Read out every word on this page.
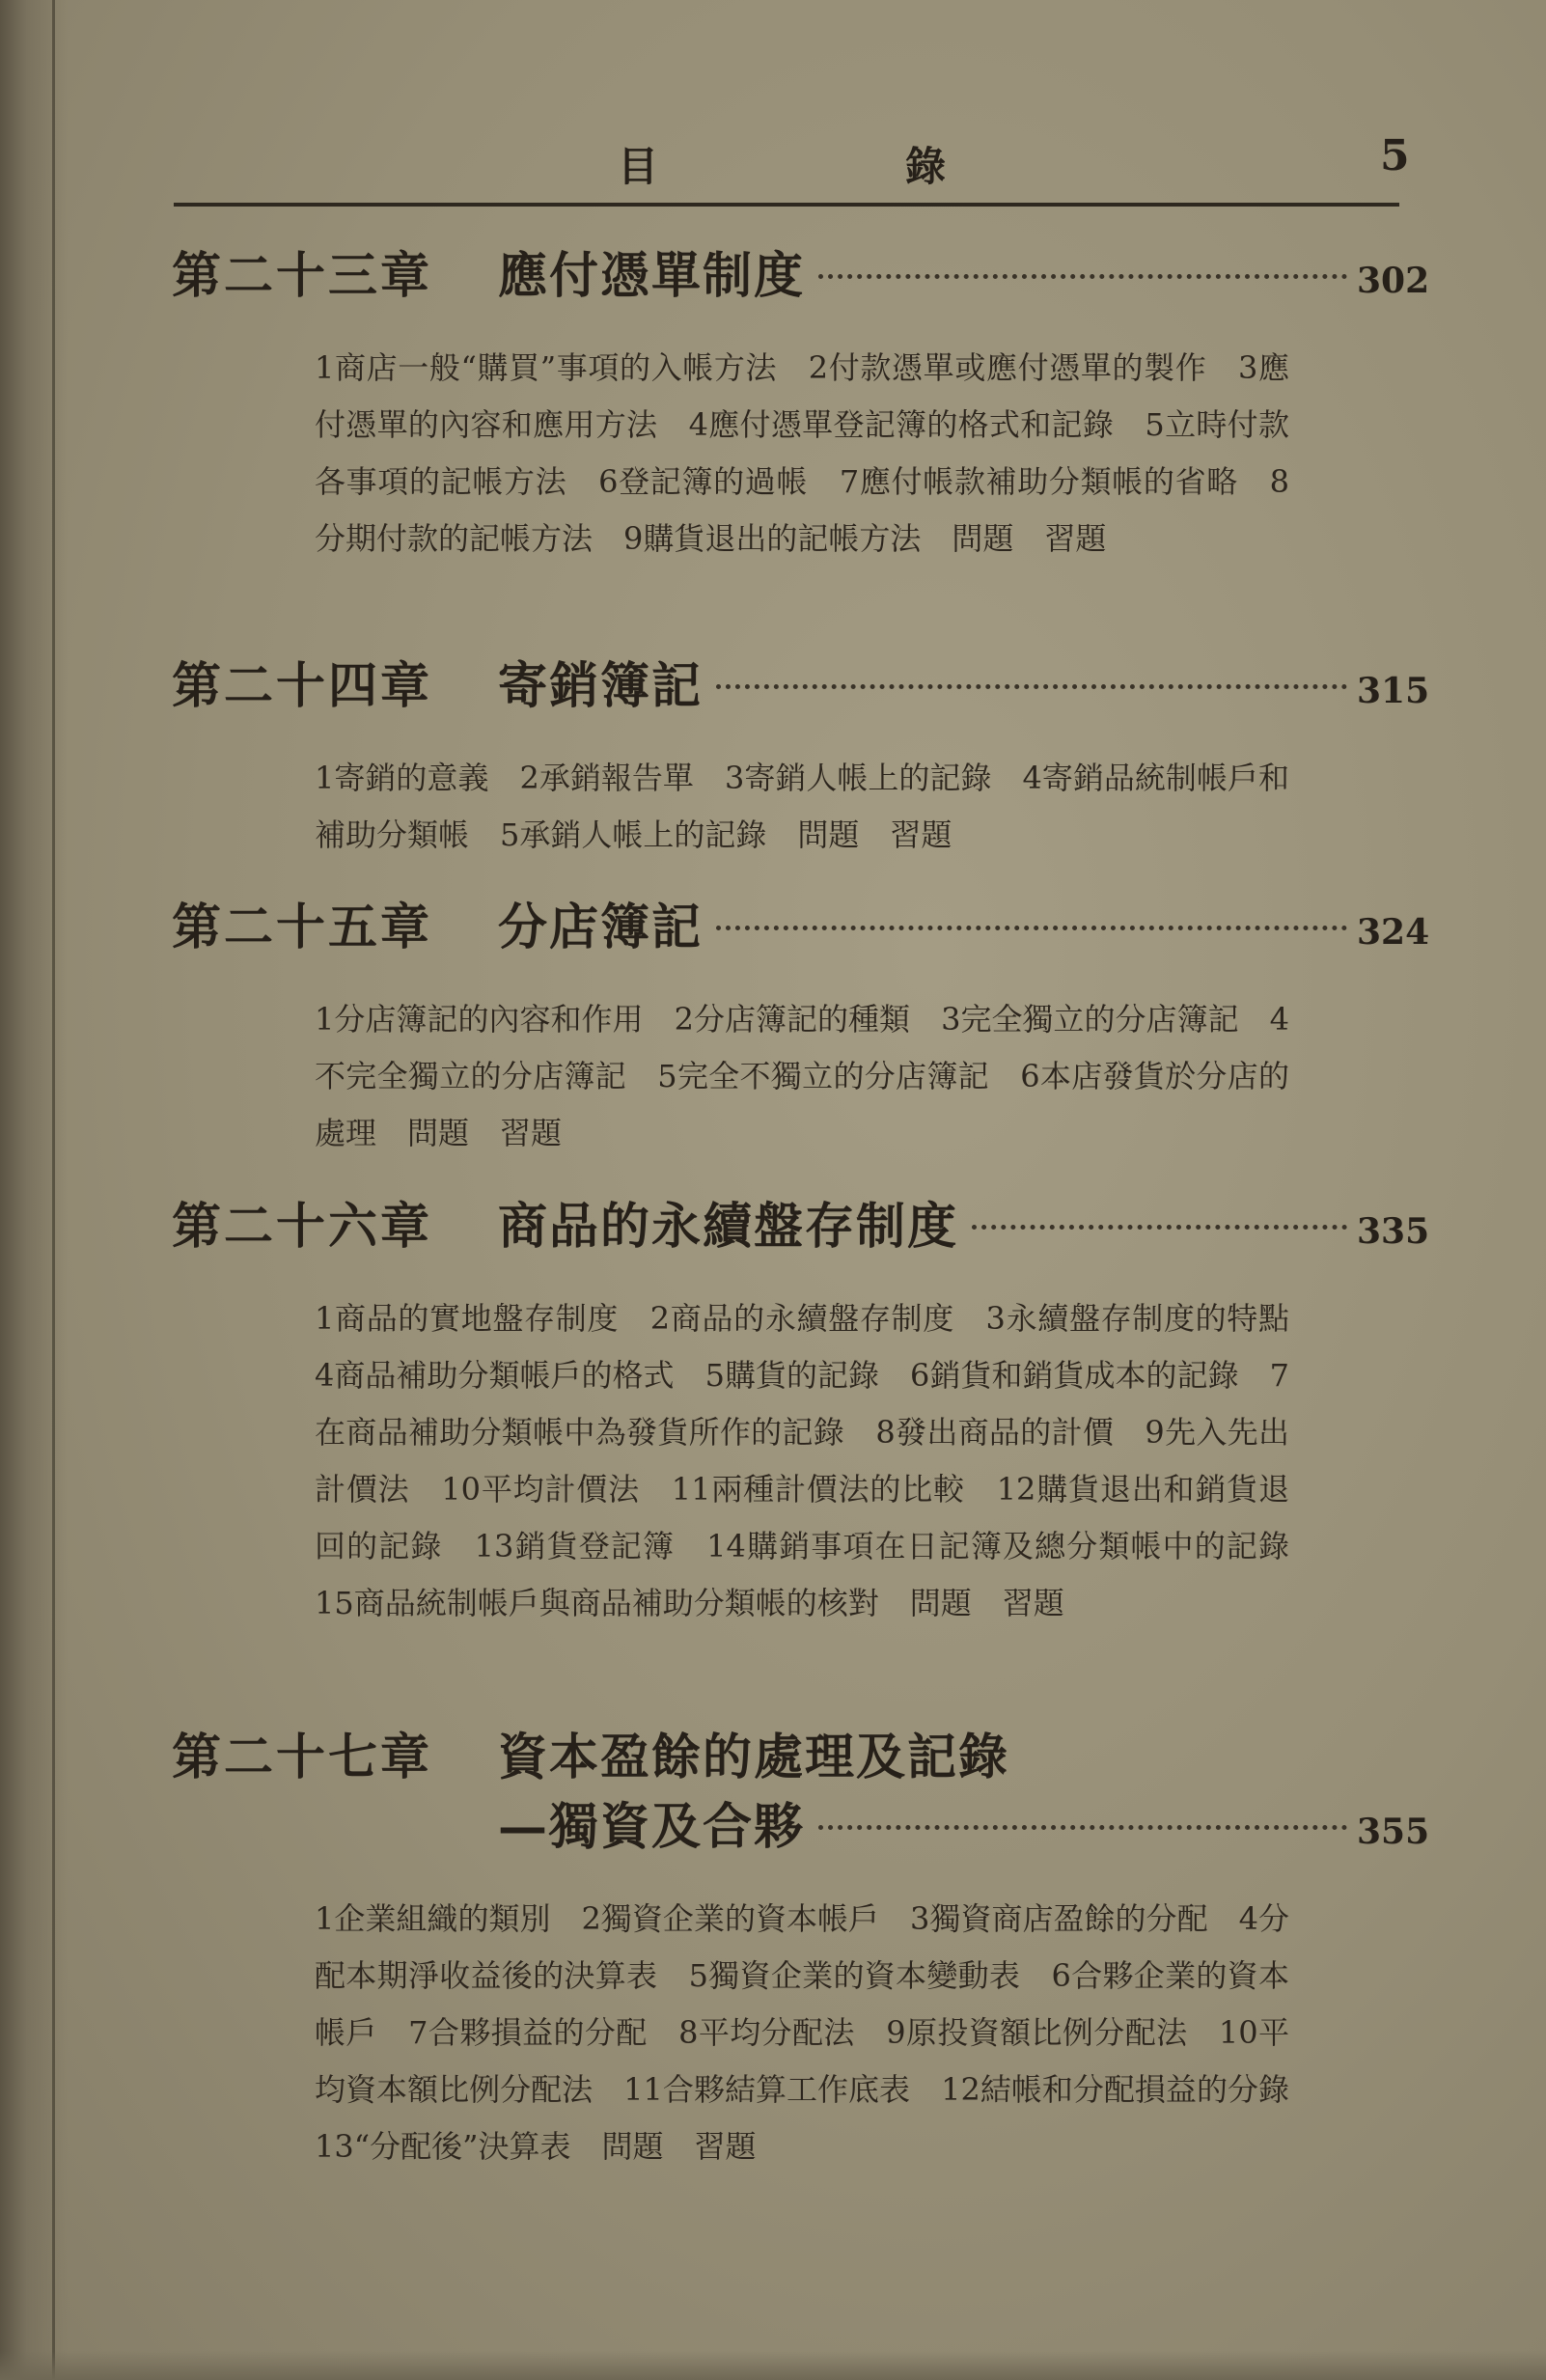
目	錄	5
第二十三章	應付憑單制度	302
1商店一般“購買”事項的入帳方法　2付款憑單或應付憑單的製作　3應付憑單的內容和應用方法　4應付憑單登記簿的格式和記錄　5立時付款各事項的記帳方法　6登記簿的過帳　7應付帳款補助分類帳的省略　8分期付款的記帳方法　9購貨退出的記帳方法　問題　習題
第二十四章	寄銷簿記	315
1寄銷的意義　2承銷報告單　3寄銷人帳上的記錄　4寄銷品統制帳戶和補助分類帳　5承銷人帳上的記錄　問題　習題
第二十五章	分店簿記	324
1分店簿記的內容和作用　2分店簿記的種類　3完全獨立的分店簿記　4不完全獨立的分店簿記　5完全不獨立的分店簿記　6本店發貨於分店的處理　問題　習題
第二十六章	商品的永續盤存制度	335
1商品的實地盤存制度　2商品的永續盤存制度　3永續盤存制度的特點　4商品補助分類帳戶的格式　5購貨的記錄　6銷貨和銷貨成本的記錄　7在商品補助分類帳中為發貨所作的記錄　8發出商品的計價　9先入先出計價法　10平均計價法　11兩種計價法的比較　12購貨退出和銷貨退回的記錄　13銷貨登記簿　14購銷事項在日記簿及總分類帳中的記錄　15商品統制帳戶與商品補助分類帳的核對　問題　習題
第二十七章	資本盈餘的處理及記錄
—獨資及合夥	355
1企業組織的類別　2獨資企業的資本帳戶　3獨資商店盈餘的分配　4分配本期淨收益後的決算表　5獨資企業的資本變動表　6合夥企業的資本帳戶　7合夥損益的分配　8平均分配法　9原投資額比例分配法　10平均資本額比例分配法　11合夥結算工作底表　12結帳和分配損益的分錄　13“分配後”決算表　問題　習題
